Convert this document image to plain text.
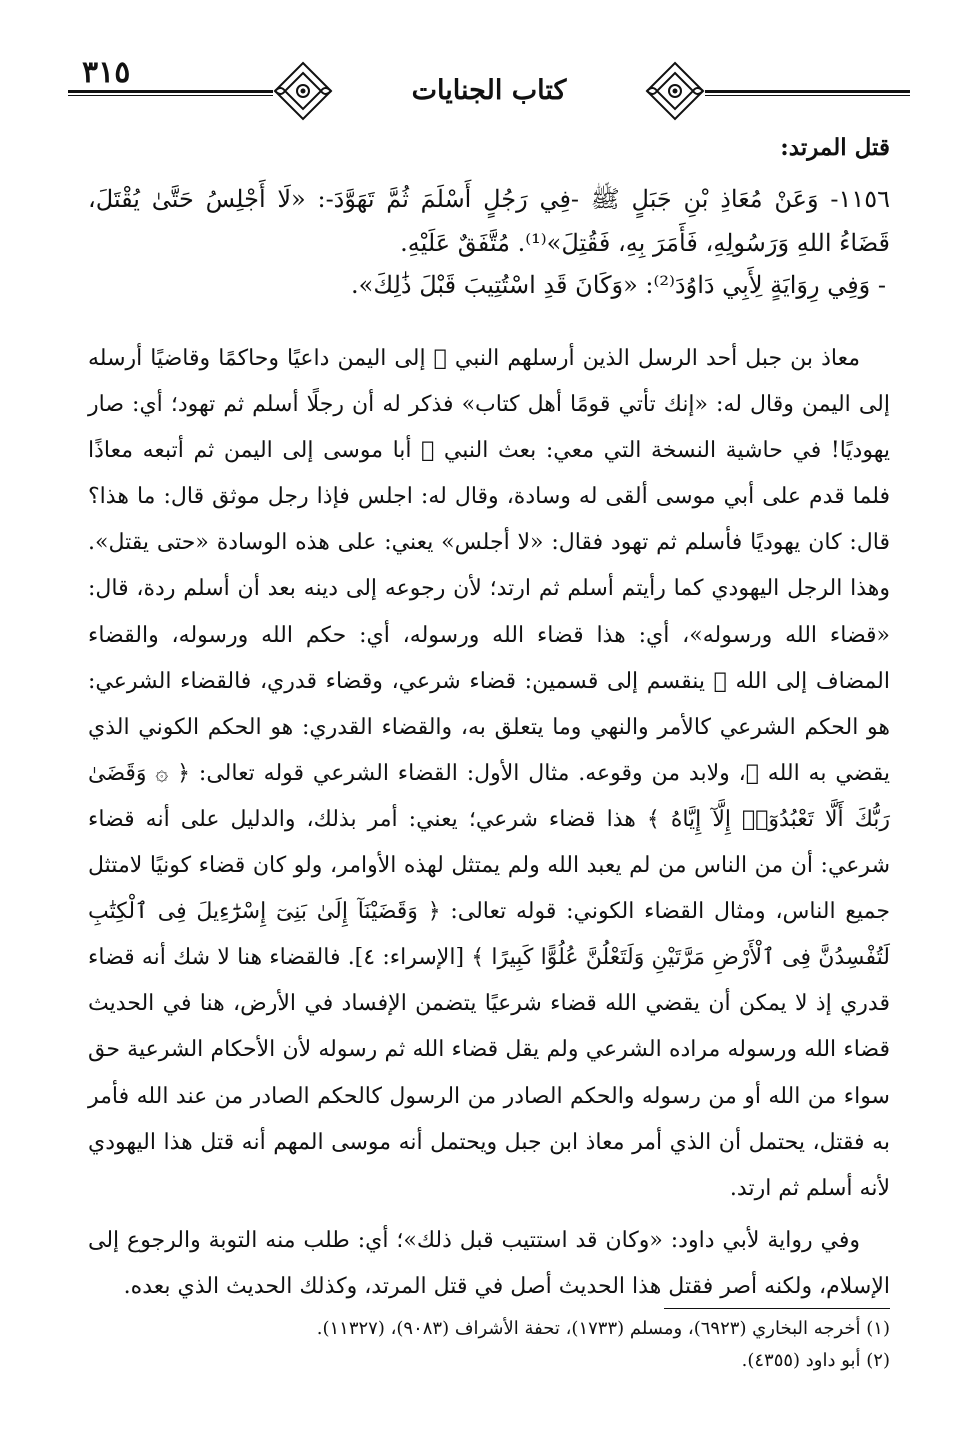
٣١٥
كتاب الجنايات
قتل المرتد:

١١٥٦- وَعَنْ مُعَاذِ بْنِ جَبَلٍ ﷺ -فِي رَجُلٍ أَسْلَمَ ثُمَّ تَهَوَّدَ-: «لَا أَجْلِسُ حَتَّىٰ يُقْتَلَ، قَضَاءُ اللهِ وَرَسُولِهِ، فَأَمَرَ بِهِ، فَقُتِلَ»⁽¹⁾. مُتَّفَقٌ عَلَيْهِ.

- وَفِي رِوَايَةٍ لِأَبِي دَاوُدَ⁽²⁾: «وَكَانَ قَدِ اسْتُتِيبَ قَبْلَ ذَٰلِكَ».

معاذ بن جبل أحد الرسل الذين أرسلهم النبي ﷺ إلى اليمن داعيًا وحاكمًا وقاضيًا أرسله إلى اليمن وقال له: «إنك تأتي قومًا أهل كتاب» فذكر له أن رجلًا أسلم ثم تهود؛ أي: صار يهوديًا! في حاشية النسخة التي معي: بعث النبي ﷺ أبا موسى إلى اليمن ثم أتبعه معاذًا فلما قدم على أبي موسى ألقى له وسادة، وقال له: اجلس فإذا رجل موثق قال: ما هذا؟ قال: كان يهوديًا فأسلم ثم تهود فقال: «لا أجلس» يعني: على هذه الوسادة «حتى يقتل». وهذا الرجل اليهودي كما رأيتم أسلم ثم ارتد؛ لأن رجوعه إلى دينه بعد أن أسلم ردة، قال: «قضاء الله ورسوله»، أي: هذا قضاء الله ورسوله، أي: حكم الله ورسوله، والقضاء المضاف إلى الله ﷻ ينقسم إلى قسمين: قضاء شرعي، وقضاء قدري، فالقضاء الشرعي: هو الحكم الشرعي كالأمر والنهي وما يتعلق به، والقضاء القدري: هو الحكم الكوني الذي يقضي به الله ﷻ، ولابد من وقوعه. مثال الأول: القضاء الشرعي قوله تعالى: ﴿ ۞ وَقَضَىٰ رَبُّكَ أَلَّا تَعْبُدُوٓا۟ إِلَّآ إِيَّاهُ ﴾ هذا قضاء شرعي؛ يعني: أمر بذلك، والدليل على أنه قضاء شرعي: أن من الناس من لم يعبد الله ولم يمتثل لهذه الأوامر، ولو كان قضاء كونيًا لامتثل جميع الناس، ومثال القضاء الكوني: قوله تعالى: ﴿ وَقَضَيْنَآ إِلَىٰ بَنِىٓ إِسْرَٰٓءِيلَ فِى ٱلْكِتَٰبِ لَتُفْسِدُنَّ فِى ٱلْأَرْضِ مَرَّتَيْنِ وَلَتَعْلُنَّ عُلُوًّا كَبِيرًا ﴾ [الإسراء: ٤]. فالقضاء هنا لا شك أنه قضاء قدري إذ لا يمكن أن يقضي الله قضاء شرعيًا يتضمن الإفساد في الأرض، هنا في الحديث قضاء الله ورسوله مراده الشرعي ولم يقل قضاء الله ثم رسوله لأن الأحكام الشرعية حق سواء من الله أو من رسوله والحكم الصادر من الرسول كالحكم الصادر من عند الله فأمر به فقتل، يحتمل أن الذي أمر معاذ ابن جبل ويحتمل أنه موسى المهم أنه قتل هذا اليهودي لأنه أسلم ثم ارتد.

وفي رواية لأبي داود: «وكان قد استتيب قبل ذلك»؛ أي: طلب منه التوبة والرجوع إلى الإسلام، ولكنه أصر فقتل هذا الحديث أصل في قتل المرتد، وكذلك الحديث الذي بعده.

(١) أخرجه البخاري (٦٩٢٣)، ومسلم (١٧٣٣)، تحفة الأشراف (٩٠٨٣)، (١١٣٢٧).
(٢) أبو داود (٤٣٥٥).
